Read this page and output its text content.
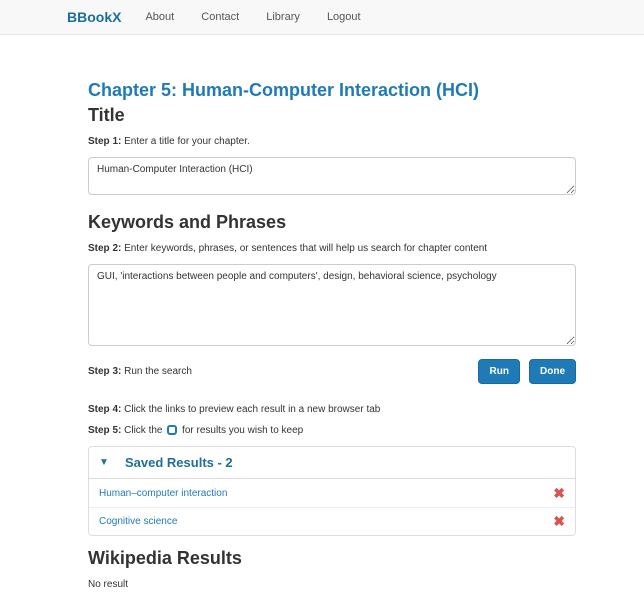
BBookX About Contact Library Logout
Chapter 5: Human-Computer Interaction (HCI)
Title

Step 1: Enter a title for your chapter.

Human-Computer Interaction (HCI)
Keywords and Phrases

Step 2: Enter keywords, phrases, or sentences that will help us search for chapter content

GUI, 'interactions between people and computers', design, behavioral science, psychology

Step 3: Run the search	Run	Done

Step 4: Click the links to preview each result in a new browser tab

Step 5: Click the for results you wish to keep

▼	Saved Results - 2
Human–computer interaction	✖
Cognitive science	✖
Wikipedia Results
No result
